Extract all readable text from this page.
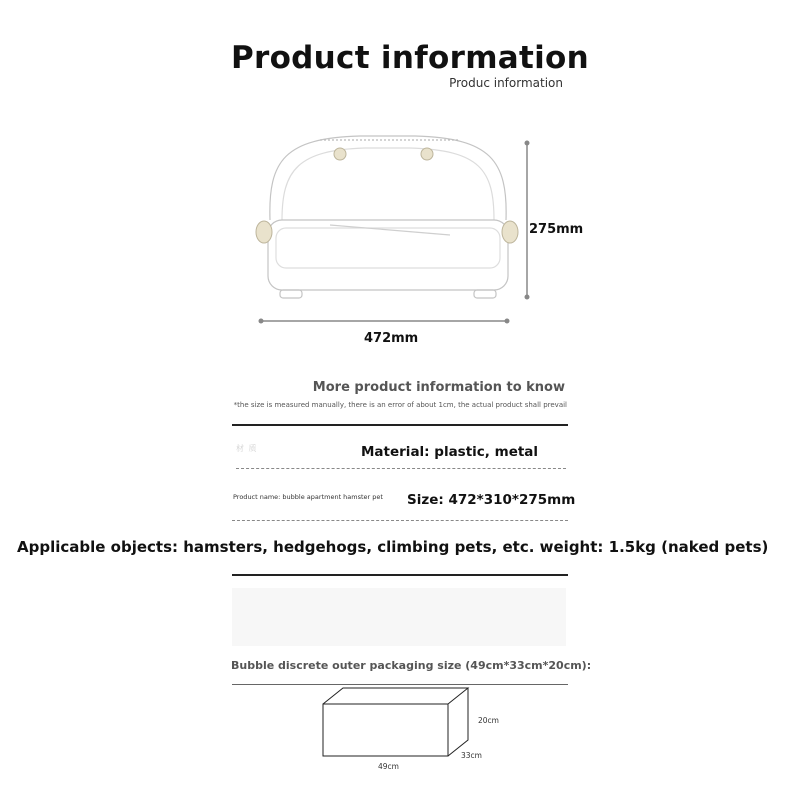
Product information
Produc information
472mm
275mm
More product information to know
*the size is measured manually, there is an error of about 1cm, the actual product shall prevail
材 质	Material: plastic, metal
Product name: bubble apartment hamster pet Size: 472*310*275mm
Applicable objects: hamsters, hedgehogs, climbing pets, etc. weight: 1.5kg (naked pets)
Bubble discrete outer packaging size (49cm*33cm*20cm):
20cm
33cm
49cm
